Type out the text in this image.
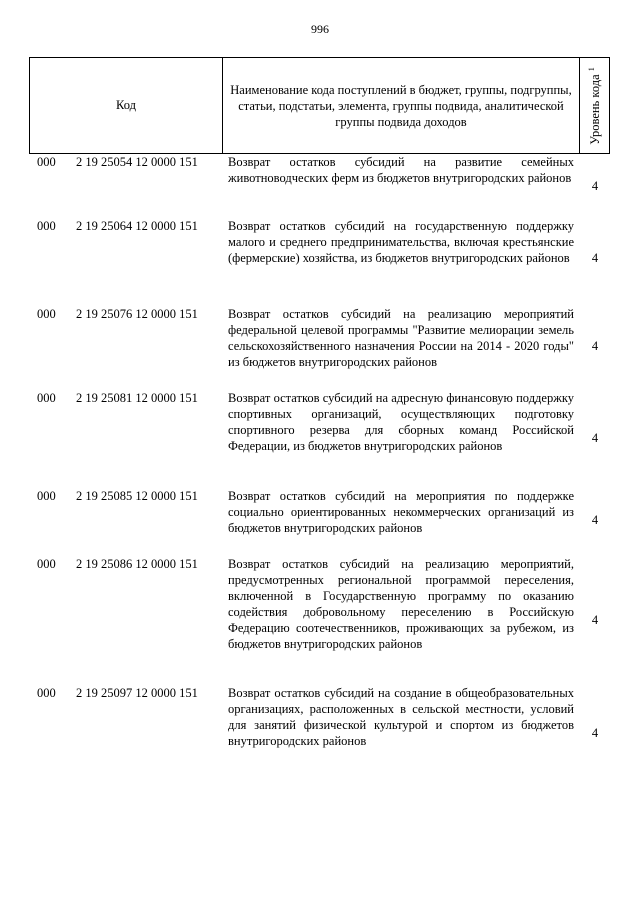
996
Код
Наименование кода поступлений в бюджет, группы, подгруппы, статьи, подстатьи, элемента, группы подвида, аналитической группы подвида доходов	Уровень кода $^1$
000 2 19 25054 12 0000 151 Возврат остатков субсидий на развитие семейных животноводческих ферм из бюджетов внутригородских районов
4
000 2 19 25064 12 0000 151 Возврат остатков субсидий на государственную поддержку малого и среднего предпринимательства, включая крестьянские (фермерские) хозяйства, из бюджетов внутригородских районов	4
000 2 19 25076 12 0000 151 Возврат остатков субсидий на реализацию мероприятий федеральной целевой программы "Развитие мелиорации земель сельскохозяйственного назначения России на 2014 - 2020 годы" из бюджетов внутригородских районов
4
000 2 19 25081 12 0000 151 Возврат остатков субсидий на адресную финансовую поддержку спортивных организаций, осуществляющих подготовку спортивного резерва для сборных команд Российской Федерации, из бюджетов внутригородских районов
4
000 2 19 25085 12 0000 151 Возврат остатков субсидий на мероприятия по поддержке социально ориентированных некоммерческих организаций из бюджетов внутригородских районов
4
000 2 19 25086 12 0000 151 Возврат остатков субсидий на реализацию мероприятий, предусмотренных региональной программой переселения, включенной в Государственную программу по оказанию содействия добровольному переселению в Российскую Федерацию соотечественников, проживающих за рубежом, из бюджетов внутригородских районов
4
000 2 19 25097 12 0000 151 Возврат остатков субсидий на создание в общеобразовательных организациях, расположенных в сельской местности, условий для занятий физической культурой и спортом из бюджетов внутригородских районов
4
